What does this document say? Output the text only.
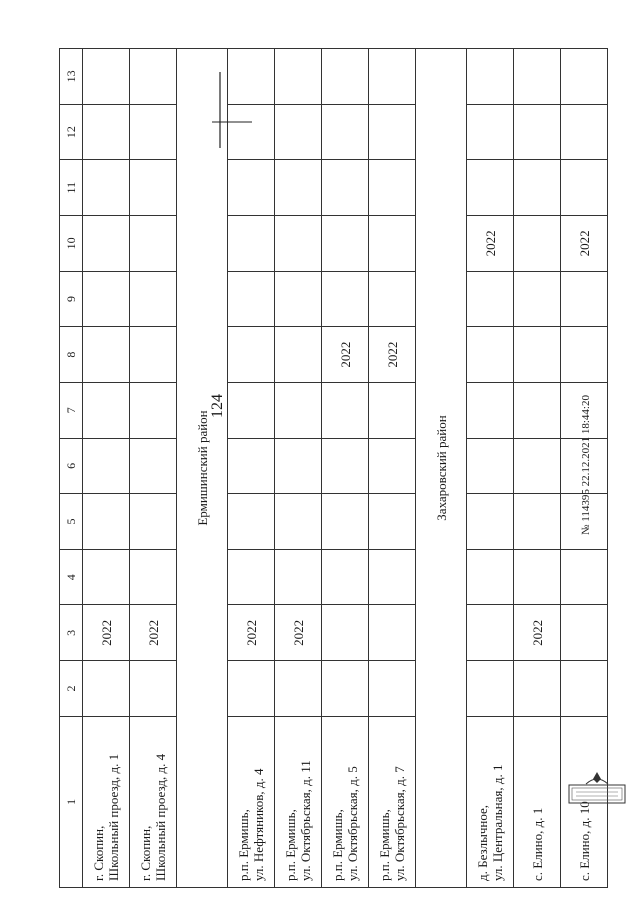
124
1	2	3	4	5	6	7	8	9	10	11	12	13

г. Скопин, Школьный проезд, д. 1		2022										

г. Скопин, Школьный проезд, д. 4		2022										
Ермишинский район												

р.п. Ермишь, ул. Нефтяников, д. 4		2022										

р.п. Ермишь, ул. Октябрьская, д. 11		2022										

р.п. Ермишь, ул. Октябрьская, д. 5							2022					

р.п. Ермишь, ул. Октябрьская, д. 7							2022					
Захаровский район												

д. Безлычное, ул. Центральная, д. 1									2022			

с. Елино, д. 1		2022										

с. Елино, д. 10									2022			
№ 114395 22.12.2021 18:44:20
